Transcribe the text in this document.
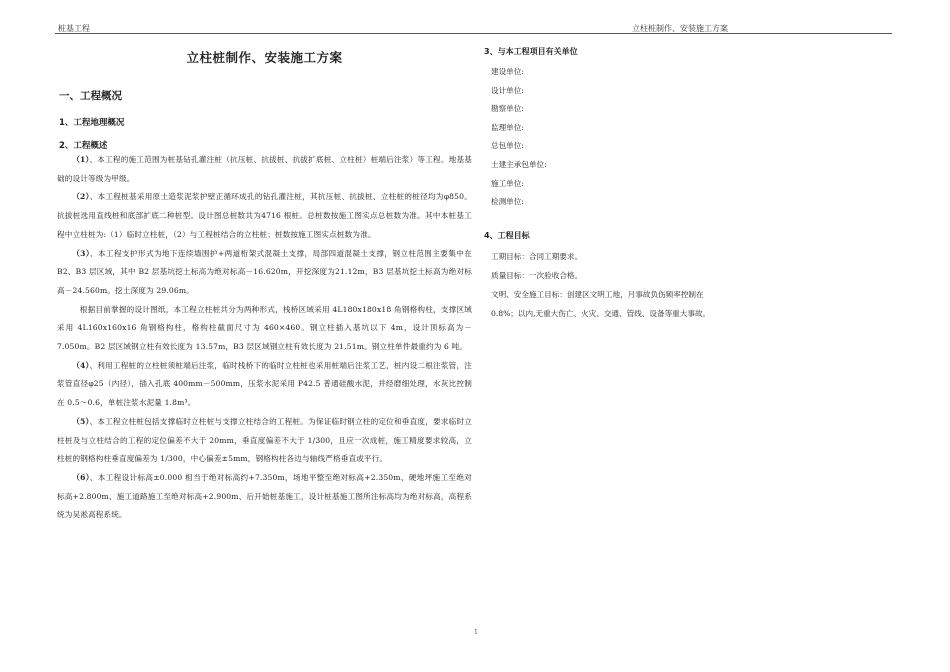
桩基工程	立柱桩制作、安装施工方案
立柱桩制作、安装施工方案
一、工程概况
1、工程地理概况
2、工程概述

（1）、本工程的施工范围为桩基钻孔灌注桩（抗压桩、抗拔桩、抗拔扩底桩、立柱桩）桩端后注浆）等工程。地基基础的设计等级为甲级。

（2）、本工程桩基采用原土造浆泥浆护壁正循环成孔的钻孔灌注桩，其抗压桩、抗拔桩、立柱桩的桩径均为φ850。抗拔桩选用直线桩和底部扩底二种桩型。设计图总桩数共为4716 根桩。总桩数按施工图实点总桩数为准。其中本桩基工程中立柱桩为:（1）临时立柱桩，（2）与工程桩结合的立柱桩；桩数按施工图实点桩数为准。

（3）、本工程支护形式为地下连续墙围护+两道桁架式混凝土支撑，局部四道混凝土支撑，钢立柱范围主要集中在 B2、B3 层区域，其中 B2 层基坑挖土标高为绝对标高－16.620m，开挖深度为21.12m，B3 层基坑挖土标高为绝对标高－24.560m。挖土深度为 29.06m。

根据目前掌握的设计图纸，本工程立柱桩共分为两种形式，栈桥区域采用 4L180x180x18 角钢格构柱，支撑区域采用 4L160x160x16 角钢格构柱，格构柱截面尺寸为 460×460。钢立柱插入基坑以下 4m，设计顶标高为－7.050m。B2 层区域钢立柱有效长度为 13.57m，B3 层区域钢立柱有效长度为 21.51m。钢立柱单件最重约为 6 吨。

（4）、利用工程桩的立柱桩须桩端后注浆，临时栈桥下的临时立柱桩也采用桩端后注浆工艺，桩内设二根注浆管，注浆管直径φ25（内径），插入孔底 400mm－500mm，压浆水泥采用 P42.5 普通硅酸水泥，并经磨细处理，水灰比控制在 0.5～0.6，单桩注浆水泥量 1.8m³。

（5）、本工程立柱桩包括支撑临时立柱桩与支撑立柱结合的工程桩。为保证临时钢立柱的定位和垂直度，要求临时立柱桩及与立柱结合的工程的定位偏差不大于 20mm，垂直度偏差不大于 1/300，且应一次成桩，施工精度要求较高，立柱桩的钢格构柱垂直度偏差为 1/300，中心偏差±5mm，钢格构柱各边与轴线严格垂直或平行。

（6）、本工程设计标高±0.000 相当于绝对标高约+7.350m，场地平整至绝对标高+2.350m、硬地坪施工至绝对标高+2.800m、施工道路施工至绝对标高+2.900m、后开始桩基施工，设计桩基施工图所注标高均为绝对标高，高程系统为吴淞高程系统。

3、与本工程项目有关单位
建设单位:
设计单位:
勘察单位:
监理单位:
总包单位:
土建主承包单位:
施工单位:
检测单位:
4、工程目标

工期目标：合同工期要求。

质量目标：一次验收合格。

文明、安全施工目标：创建区文明工地，月事故负伤频率控制在

0.8%；以内,无重大伤亡、火灾、交通、管线、设备等重大事故。

1
